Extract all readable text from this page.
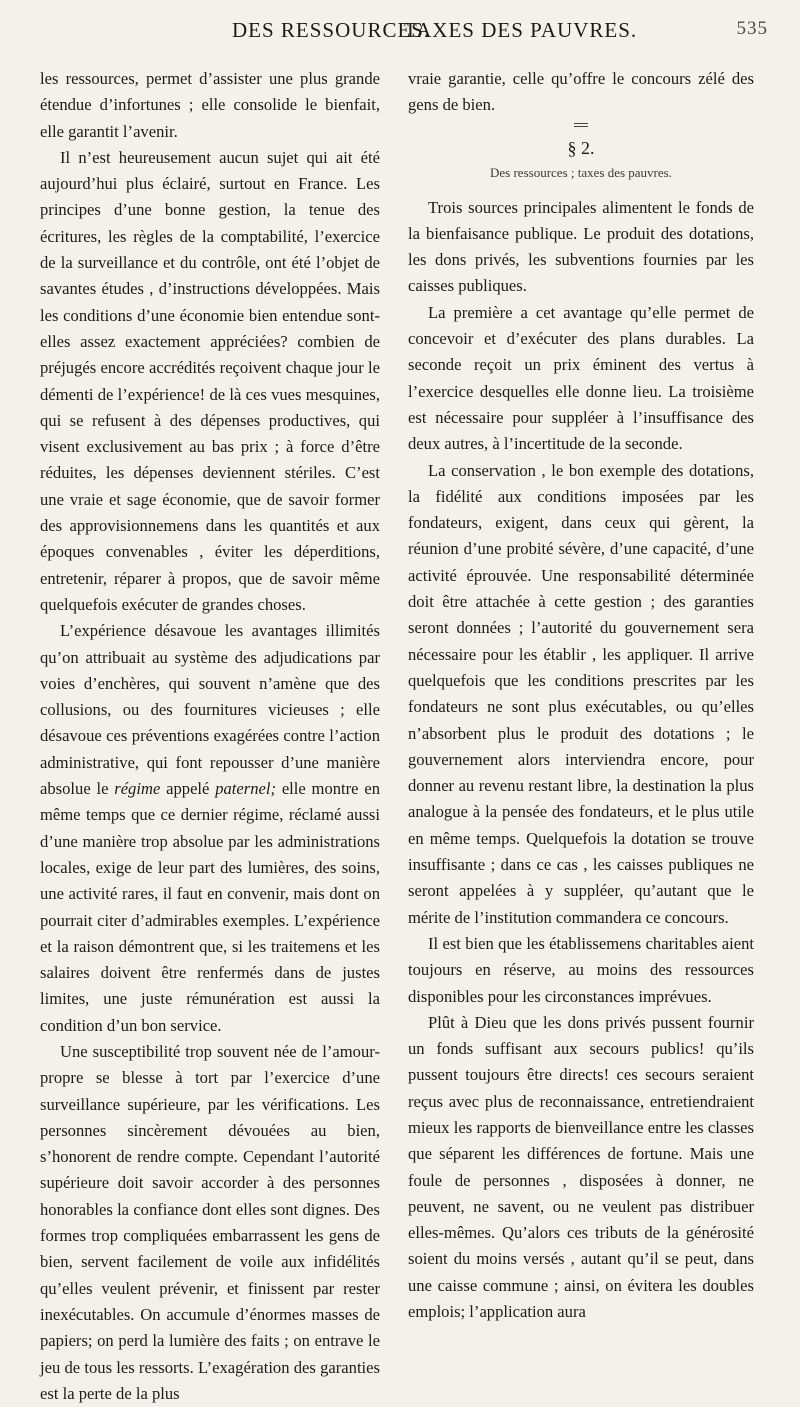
DES RESSOURCES.
TAXES DES PAUVRES.	535

les ressources, permet d’assister une plus grande étendue d’infortunes ; elle consolide le bienfait, elle garantit l’avenir.

Il n’est heureusement aucun sujet qui ait été aujourd’hui plus éclairé, surtout en France. Les principes d’une bonne gestion, la tenue des écritures, les règles de la comptabilité, l’exercice de la surveillance et du contrôle, ont été l’objet de savantes études , d’instructions développées. Mais les conditions d’une économie bien entendue sont-elles assez exactement appréciées? combien de préjugés encore accrédités reçoivent chaque jour le démenti de l’expérience! de là ces vues mesquines, qui se refusent à des dépenses productives, qui visent exclusivement au bas prix ; à force d’être réduites, les dépenses deviennent stériles. C’est une vraie et sage économie, que de savoir former des approvisionnemens dans les quantités et aux époques convenables , éviter les déperditions, entretenir, réparer à propos, que de savoir même quelquefois exécuter de grandes choses.

L’expérience désavoue les avantages illimités qu’on attribuait au système des adjudications par voies d’enchères, qui souvent n’amène que des collusions, ou des fournitures vicieuses ; elle désavoue ces préventions exagérées contre l’action administrative, qui font repousser d’une manière absolue le régime appelé paternel; elle montre en même temps que ce dernier régime, réclamé aussi d’une manière trop absolue par les administrations locales, exige de leur part des lumières, des soins, une activité rares, il faut en convenir, mais dont on pourrait citer d’admirables exemples. L’expérience et la raison démontrent que, si les traitemens et les salaires doivent être renfermés dans de justes limites, une juste rémunération est aussi la condition d’un bon service.

Une susceptibilité trop souvent née de l’amour-propre se blesse à tort par l’exercice d’une surveillance supérieure, par les vérifications. Les personnes sincèrement dévouées au bien, s’honorent de rendre compte. Cependant l’autorité supérieure doit savoir accorder à des personnes honorables la confiance dont elles sont dignes. Des formes trop compliquées embarrassent les gens de bien, servent facilement de voile aux infidélités qu’elles veulent prévenir, et finissent par rester inexécutables. On accumule d’énormes masses de papiers; on perd la lumière des faits ; on entrave le jeu de tous les ressorts. L’exagération des garanties est la perte de la plus

vraie garantie, celle qu’offre le concours zélé des gens de bien.

§ 2.
Des ressources ; taxes des pauvres.

Trois sources principales alimentent le fonds de la bienfaisance publique. Le produit des dotations, les dons privés, les subventions fournies par les caisses publiques.

La première a cet avantage qu’elle permet de concevoir et d’exécuter des plans durables. La seconde reçoit un prix éminent des vertus à l’exercice desquelles elle donne lieu. La troisième est nécessaire pour suppléer à l’insuffisance des deux autres, à l’incertitude de la seconde.

La conservation , le bon exemple des dotations, la fidélité aux conditions imposées par les fondateurs, exigent, dans ceux qui gèrent, la réunion d’une probité sévère, d’une capacité, d’une activité éprouvée. Une responsabilité déterminée doit être attachée à cette gestion ; des garanties seront données ; l’autorité du gouvernement sera nécessaire pour les établir , les appliquer. Il arrive quelquefois que les conditions prescrites par les fondateurs ne sont plus exécutables, ou qu’elles n’absorbent plus le produit des dotations ; le gouvernement alors interviendra encore, pour donner au revenu restant libre, la destination la plus analogue à la pensée des fondateurs, et le plus utile en même temps. Quelquefois la dotation se trouve insuffisante ; dans ce cas , les caisses publiques ne seront appelées à y suppléer, qu’autant que le mérite de l’institution commandera ce concours.

Il est bien que les établissemens charitables aient toujours en réserve, au moins des ressources disponibles pour les circonstances imprévues.

Plût à Dieu que les dons privés pussent fournir un fonds suffisant aux secours publics! qu’ils pussent toujours être directs! ces secours seraient reçus avec plus de reconnaissance, entretiendraient mieux les rapports de bienveillance entre les classes que séparent les différences de fortune. Mais une foule de personnes , disposées à donner, ne peuvent, ne savent, ou ne veulent pas distribuer elles-mêmes. Qu’alors ces tributs de la générosité soient du moins versés , autant qu’il se peut, dans une caisse commune ; ainsi, on évitera les doubles emplois; l’application aura
